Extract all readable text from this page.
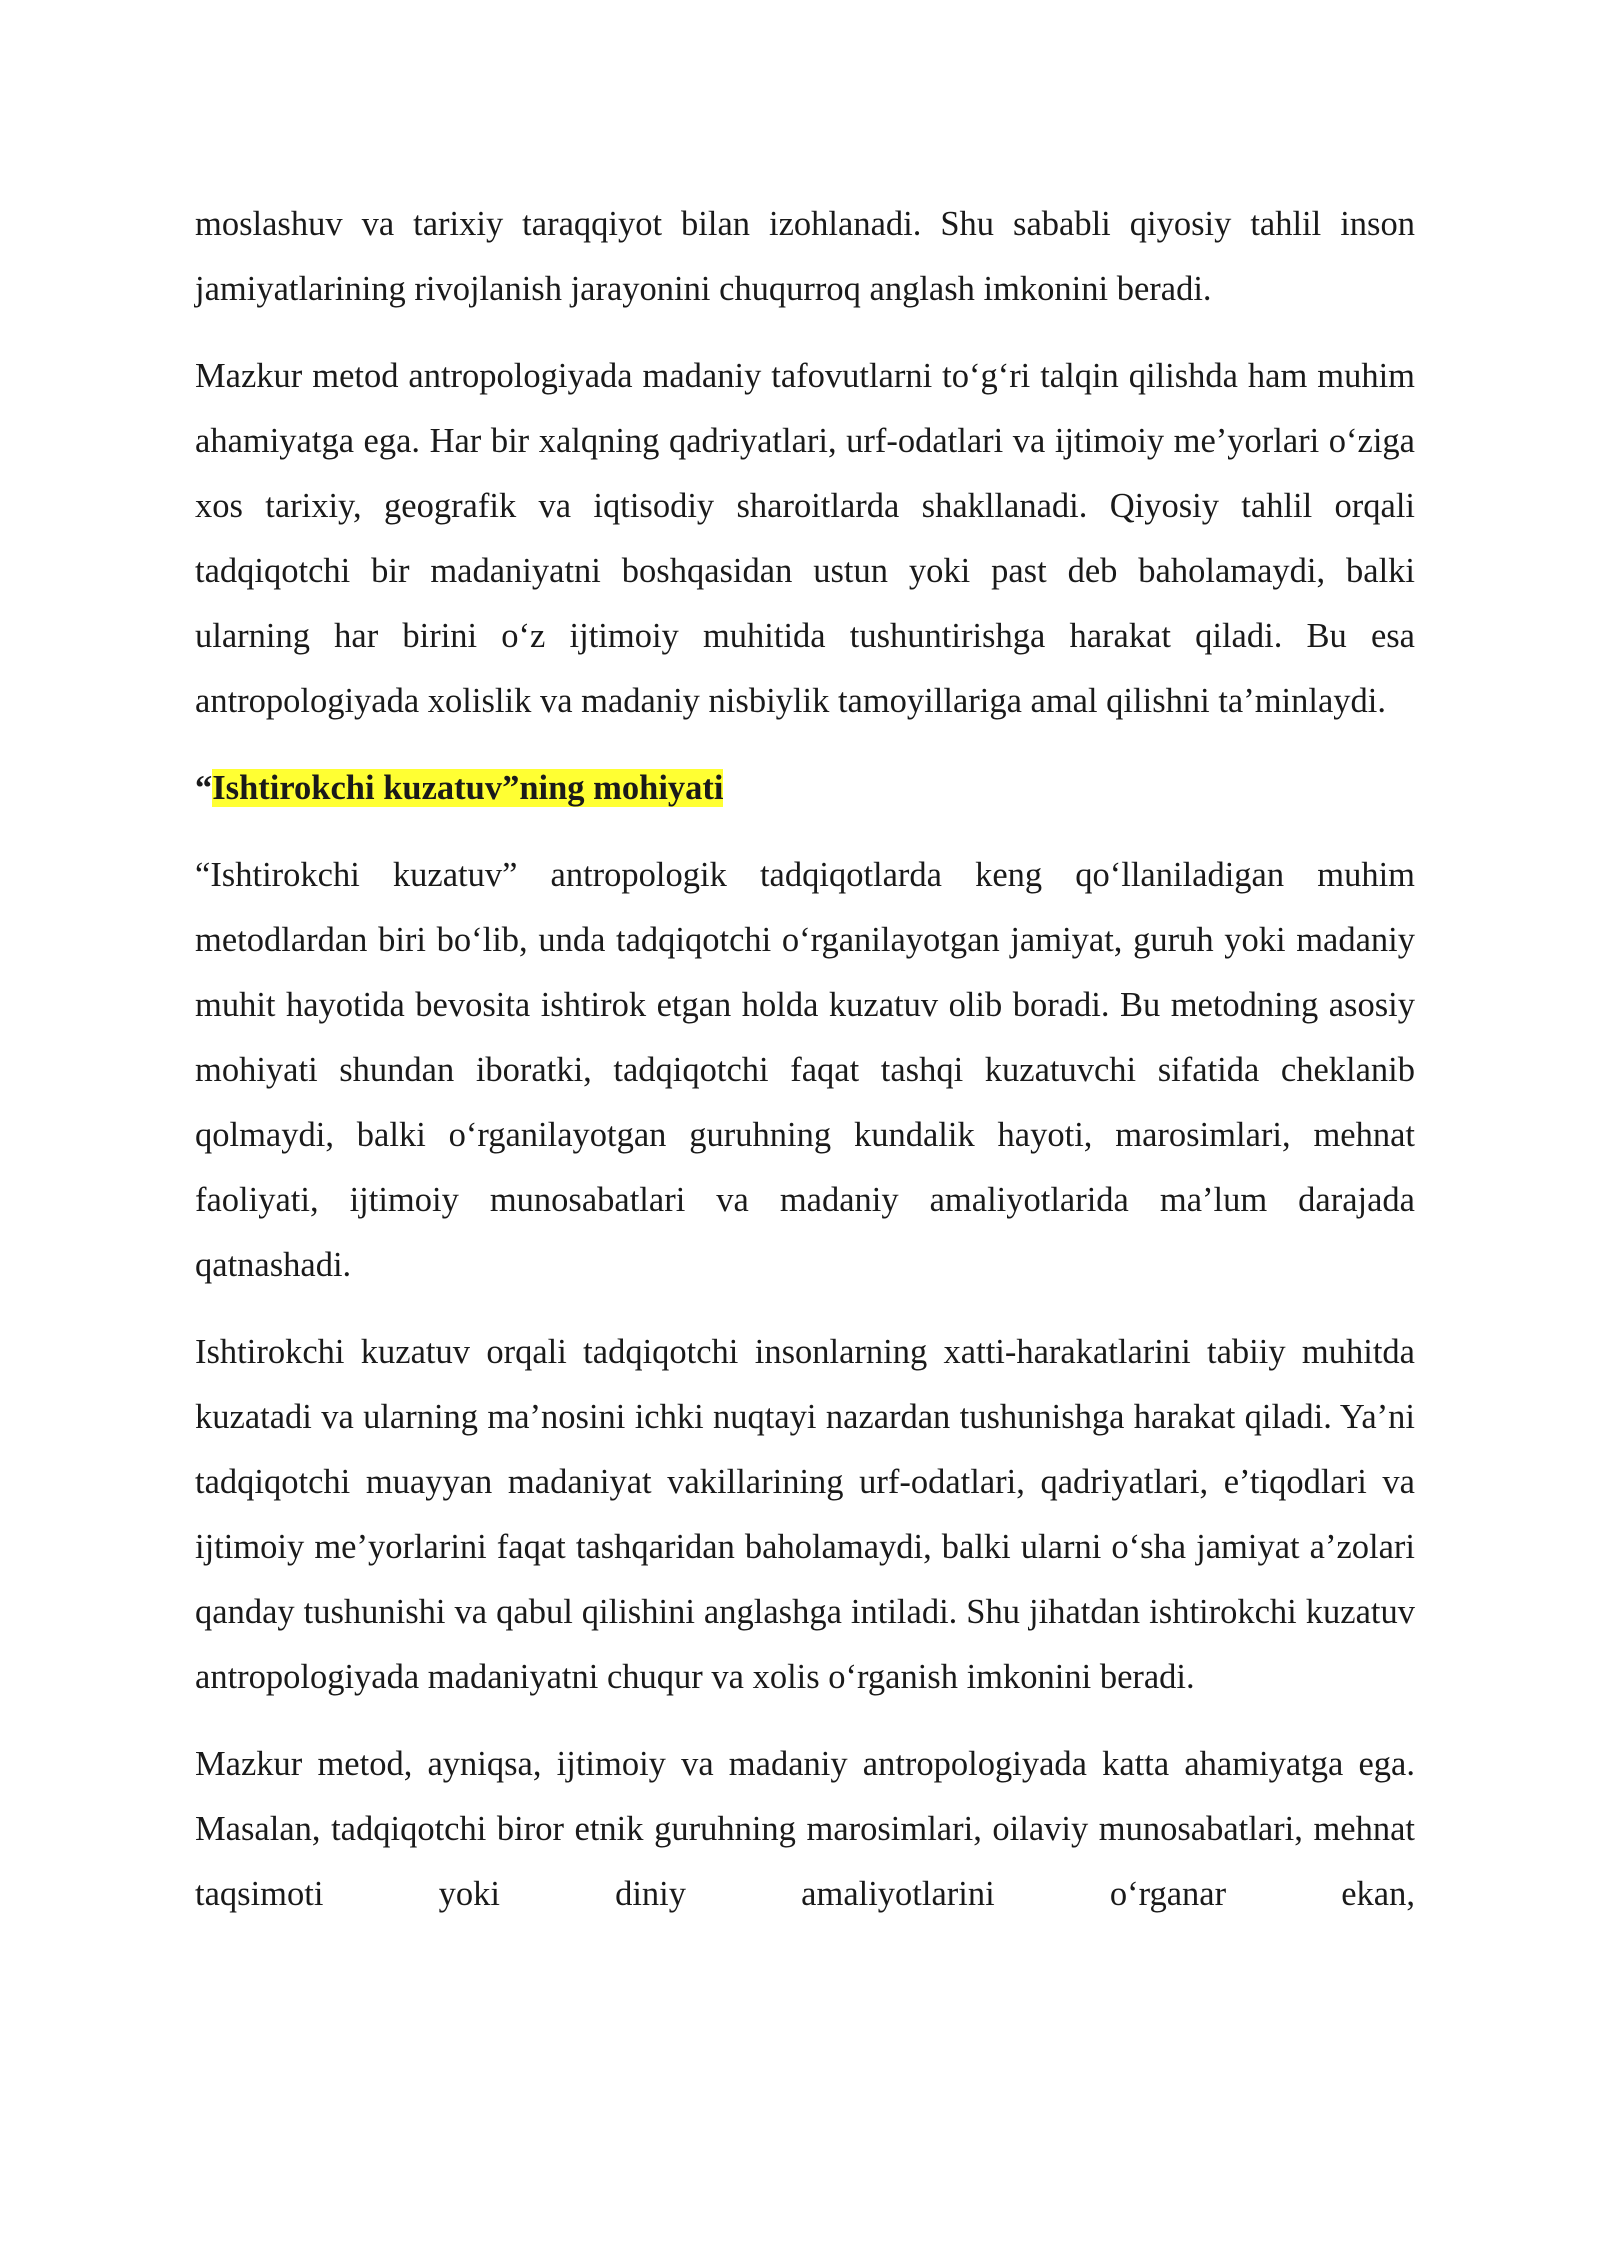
moslashuv va tarixiy taraqqiyot bilan izohlanadi. Shu sababli qiyosiy tahlil inson jamiyatlarining rivojlanish jarayonini chuqurroq anglash imkonini beradi.

Mazkur metod antropologiyada madaniy tafovutlarni to‘g‘ri talqin qilishda ham muhim ahamiyatga ega. Har bir xalqning qadriyatlari, urf-odatlari va ijtimoiy me’yorlari o‘ziga xos tarixiy, geografik va iqtisodiy sharoitlarda shakllanadi. Qiyosiy tahlil orqali tadqiqotchi bir madaniyatni boshqasidan ustun yoki past deb baholamaydi, balki ularning har birini o‘z ijtimoiy muhitida tushuntirishga harakat qiladi. Bu esa antropologiyada xolislik va madaniy nisbiylik tamoyillariga amal qilishni ta’minlaydi.

“Ishtirokchi kuzatuv”ning mohiyati

“Ishtirokchi kuzatuv” antropologik tadqiqotlarda keng qo‘llaniladigan muhim metodlardan biri bo‘lib, unda tadqiqotchi o‘rganilayotgan jamiyat, guruh yoki madaniy muhit hayotida bevosita ishtirok etgan holda kuzatuv olib boradi. Bu metodning asosiy mohiyati shundan iboratki, tadqiqotchi faqat tashqi kuzatuvchi sifatida cheklanib qolmaydi, balki o‘rganilayotgan guruhning kundalik hayoti, marosimlari, mehnat faoliyati, ijtimoiy munosabatlari va madaniy amaliyotlarida ma’lum darajada qatnashadi.

Ishtirokchi kuzatuv orqali tadqiqotchi insonlarning xatti-harakatlarini tabiiy muhitda kuzatadi va ularning ma’nosini ichki nuqtayi nazardan tushunishga harakat qiladi. Ya’ni tadqiqotchi muayyan madaniyat vakillarining urf-odatlari, qadriyatlari, e’tiqodlari va ijtimoiy me’yorlarini faqat tashqaridan baholamaydi, balki ularni o‘sha jamiyat a’zolari qanday tushunishi va qabul qilishini anglashga intiladi. Shu jihatdan ishtirokchi kuzatuv antropologiyada madaniyatni chuqur va xolis o‘rganish imkonini beradi.

Mazkur metod, ayniqsa, ijtimoiy va madaniy antropologiyada katta ahamiyatga ega. Masalan, tadqiqotchi biror etnik guruhning marosimlari, oilaviy munosabatlari, mehnat taqsimoti yoki diniy amaliyotlarini o‘rganar ekan,
